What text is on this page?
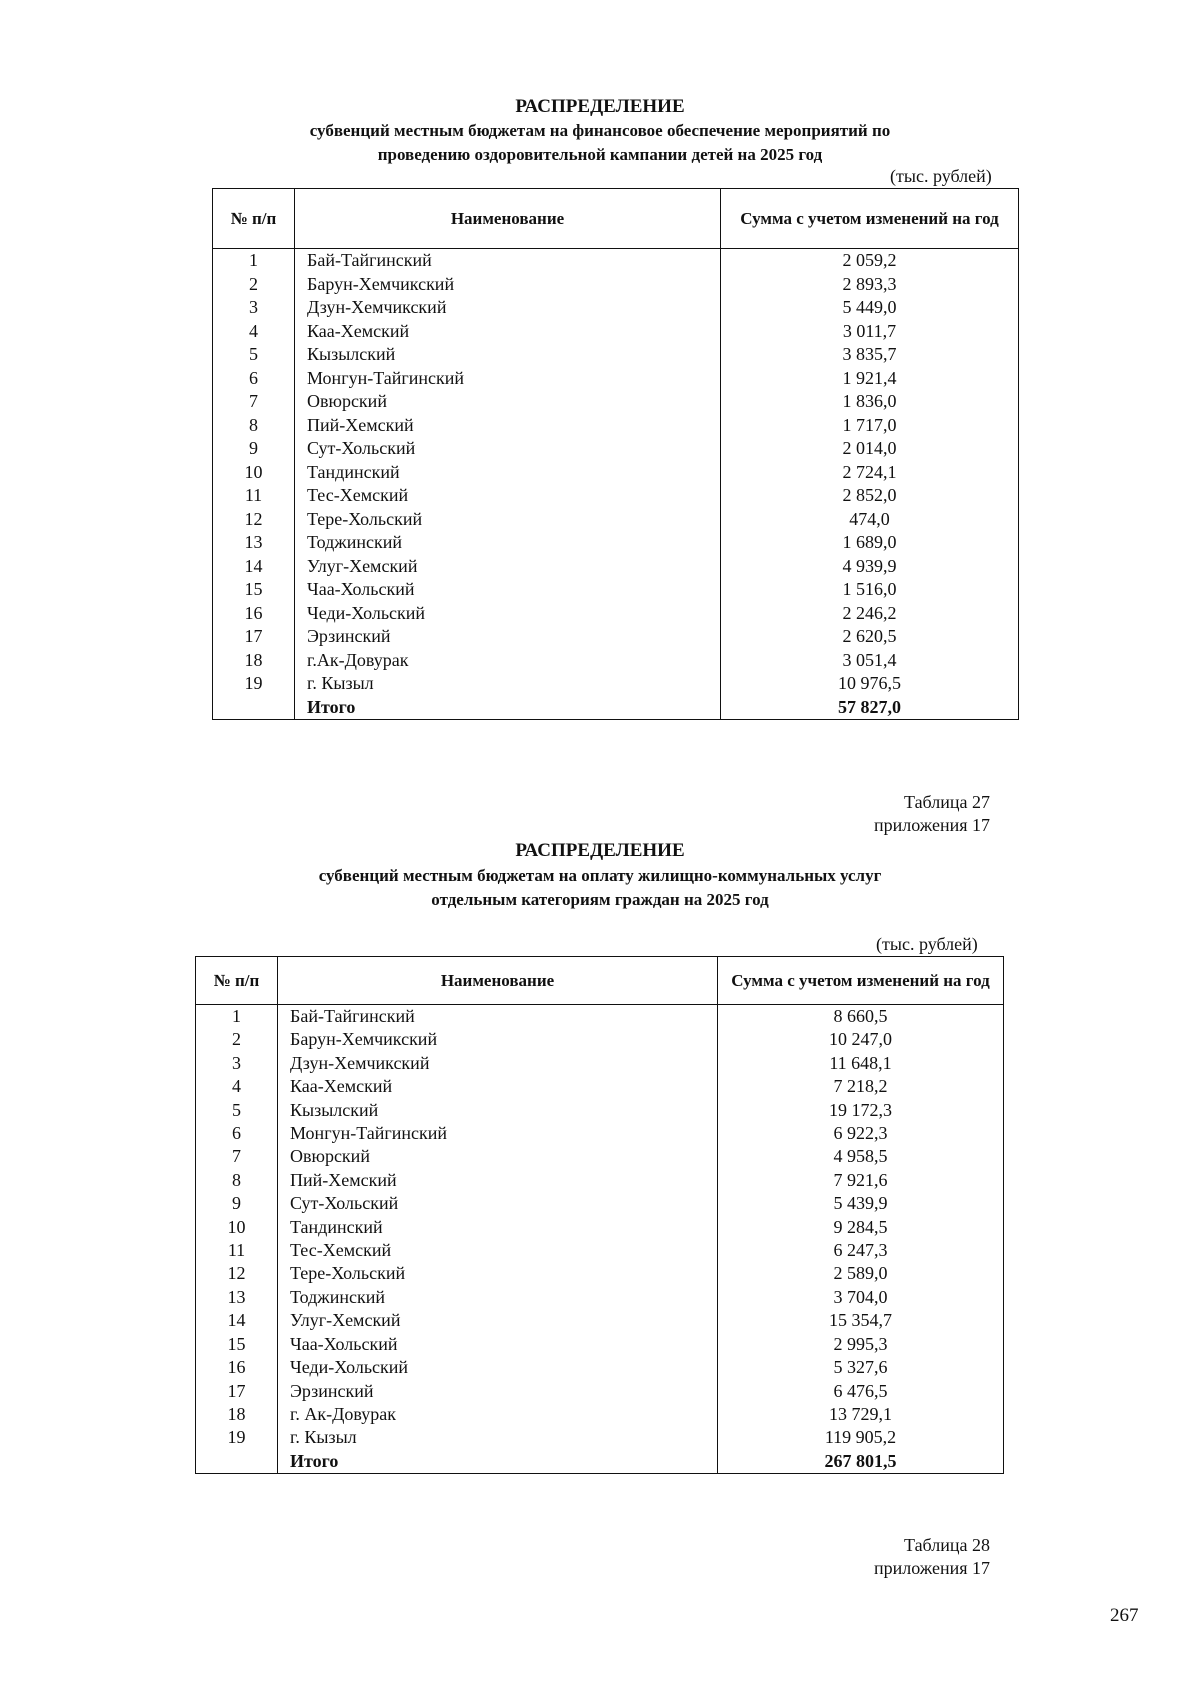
РАСПРЕДЕЛЕНИЕ
субвенций местным бюджетам на финансовое обеспечение мероприятий по
проведению оздоровительной кампании детей на 2025 год
(тыс. рублей)
№ п/п	Наименование	Сумма с учетом изменений на год
1	Бай-Тайгинский	2 059,2
2	Барун-Хемчикский	2 893,3
3	Дзун-Хемчикский	5 449,0
4	Каа-Хемский	3 011,7
5	Кызылский	3 835,7
6	Монгун-Тайгинский	1 921,4
7	Овюрский	1 836,0
8	Пий-Хемский	1 717,0
9	Сут-Хольский	2 014,0
10	Тандинский	2 724,1
11	Тес-Хемский	2 852,0
12	Тере-Хольский	474,0
13	Тоджинский	1 689,0
14	Улуг-Хемский	4 939,9
15	Чаа-Хольский	1 516,0
16	Чеди-Хольский	2 246,2
17	Эрзинский	2 620,5
18	г.Ак-Довурак	3 051,4
19	г. Кызыл	10 976,5
	Итого	57 827,0
Таблица 27
приложения 17
РАСПРЕДЕЛЕНИЕ
субвенций местным бюджетам на оплату жилищно-коммунальных услуг
отдельным категориям граждан на 2025 год
(тыс. рублей)
№ п/п	Наименование	Сумма с учетом изменений на год
1	Бай-Тайгинский	8 660,5
2	Барун-Хемчикский	10 247,0
3	Дзун-Хемчикский	11 648,1
4	Каа-Хемский	7 218,2
5	Кызылский	19 172,3
6	Монгун-Тайгинский	6 922,3
7	Овюрский	4 958,5
8	Пий-Хемский	7 921,6
9	Сут-Хольский	5 439,9
10	Тандинский	9 284,5
11	Тес-Хемский	6 247,3
12	Тере-Хольский	2 589,0
13	Тоджинский	3 704,0
14	Улуг-Хемский	15 354,7
15	Чаа-Хольский	2 995,3
16	Чеди-Хольский	5 327,6
17	Эрзинский	6 476,5
18	г. Ак-Довурак	13 729,1
19	г. Кызыл	119 905,2
	Итого	267 801,5
Таблица 28
приложения 17
267
